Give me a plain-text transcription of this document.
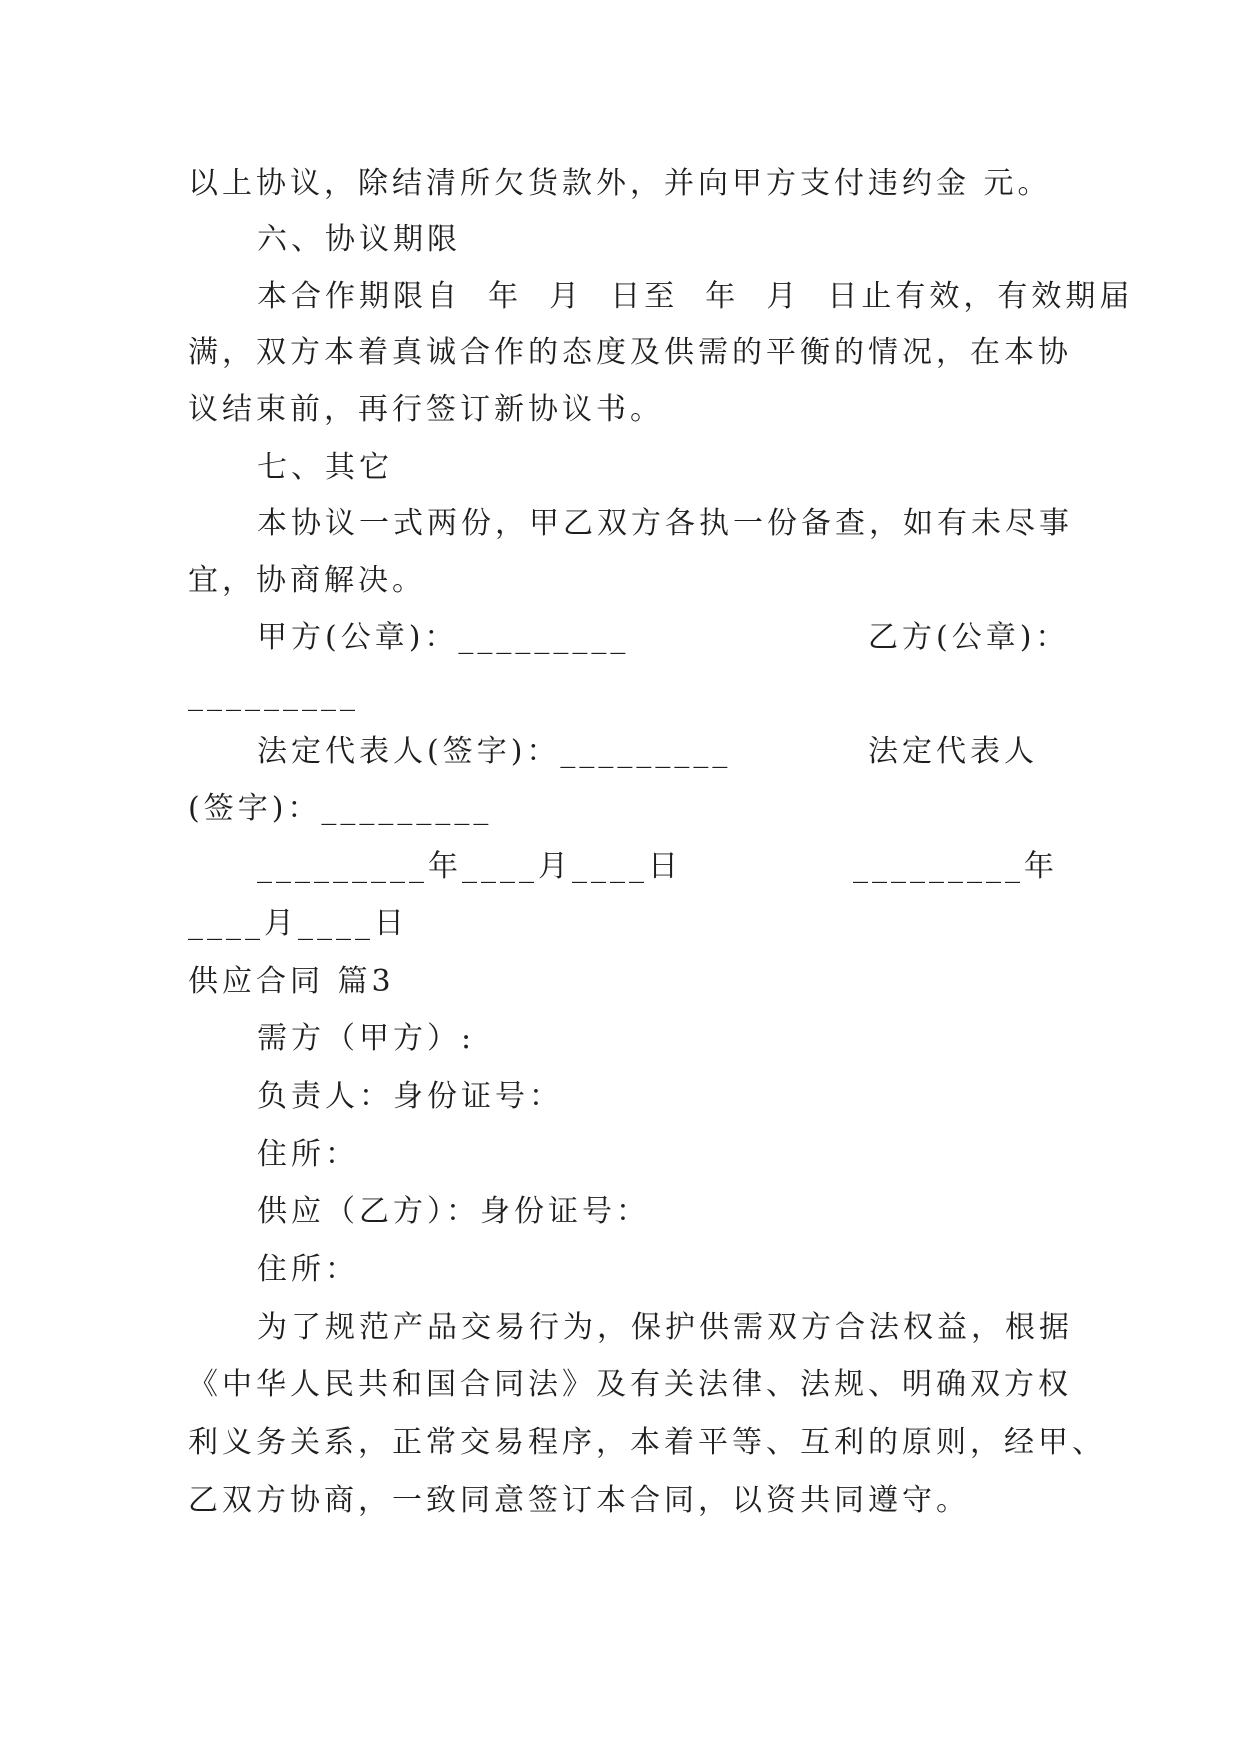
以上协议，除结清所欠货款外，并向甲方支付违约金 元。

六、协议期限

本合作期限自  年  月  日至  年  月  日止有效，有效期届

满，双方本着真诚合作的态度及供需的平衡的情况，在本协

议结束前，再行签订新协议书。

七、其它

本协议一式两份，甲乙双方各执一份备查，如有未尽事

宜，协商解决。

甲方(公章)：_________

	乙方(公章)：

_________

法定代表人(签字)：_________

	法定代表人

(签字)：_________

_________年____月____日

	_________年

____月____日

供应合同 篇3

需方（甲方）:

负责人：身份证号：

住所：

供应（乙方）：身份证号：

住所：

为了规范产品交易行为，保护供需双方合法权益，根据

《中华人民共和国合同法》及有关法律、法规、明确双方权

利义务关系，正常交易程序，本着平等、互利的原则，经甲、

乙双方协商，一致同意签订本合同，以资共同遵守。
